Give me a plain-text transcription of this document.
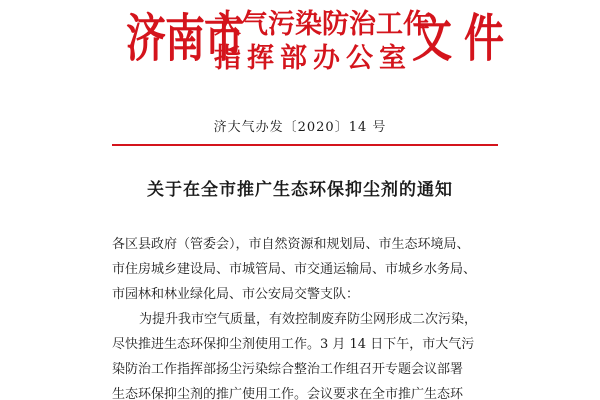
济南市
大气污染防治工作
指挥部办公室 文件
济大气办发〔2020〕14 号
关于在全市推广生态环保抑尘剂的通知
各区县政府（管委会），市自然资源和规划局、市生态环境局、
市住房城乡建设局、市城管局、市交通运输局、市城乡水务局、
市园林和林业绿化局、市公安局交警支队：
为提升我市空气质量，有效控制废弃防尘网形成二次污染，
尽快推进生态环保抑尘剂使用工作。3 月 14 日下午，市大气污
染防治工作指挥部扬尘污染综合整治工作组召开专题会议部署
生态环保抑尘剂的推广使用工作。会议要求在全市推广生态环
